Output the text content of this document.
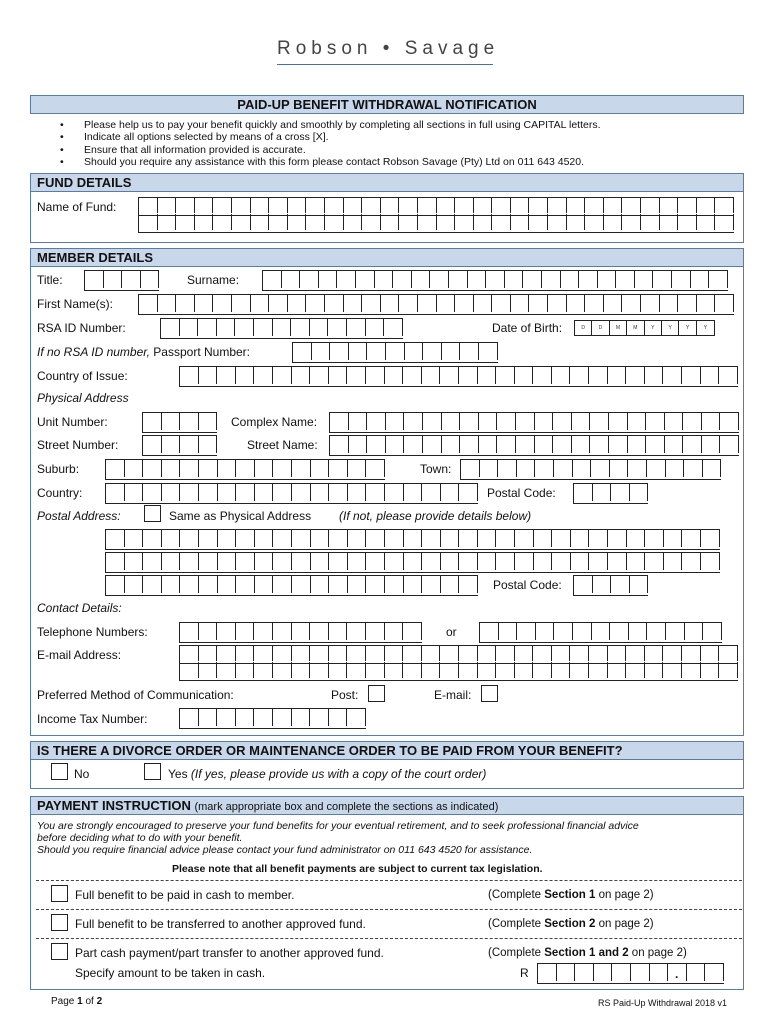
Robson • Savage
PAID-UP BENEFIT WITHDRAWAL NOTIFICATION
• Please help us to pay your benefit quickly and smoothly by completing all sections in full using CAPITAL letters.
• Indicate all options selected by means of a cross [X].
• Ensure that all information provided is accurate.
• Should you require any assistance with this form please contact Robson Savage (Pty) Ltd on 011 643 4520.
FUND DETAILS
Name of Fund:
MEMBER DETAILS
Title:	Surname:
First Name(s):
RSA ID Number:	Date of Birth:	D	D	M	M	Y	Y	Y	Y
If no RSA ID number, Passport Number:
Country of Issue:
Physical Address
Unit Number:	Complex Name:
Street Number:	Street Name:
Suburb:	Town:
Country:	Postal Code:
Postal Address:	Same as Physical Address (If not, please provide details below)
Postal Code:
Contact Details:
Telephone Numbers:	or
E-mail Address:
Preferred Method of Communication:	Post:	E-mail:
Income Tax Number:
IS THERE A DIVORCE ORDER OR MAINTENANCE ORDER TO BE PAID FROM YOUR BENEFIT?
No	Yes (If yes, please provide us with a copy of the court order)
PAYMENT INSTRUCTION (mark appropriate box and complete the sections as indicated)
You are strongly encouraged to preserve your fund benefits for your eventual retirement, and to seek professional financial advice
before deciding what to do with your benefit.
Should you require financial advice please contact your fund administrator on 011 643 4520 for assistance.
Please note that all benefit payments are subject to current tax legislation.
Full benefit to be paid in cash to member.	(Complete Section 1 on page 2)
Full benefit to be transferred to another approved fund.	(Complete Section 2 on page 2)
Part cash payment/part transfer to another approved fund.	(Complete Section 1 and 2 on page 2)
Specify amount to be taken in cash.	R	.
Page 1 of 2	RS Paid-Up Withdrawal 2018 v1
